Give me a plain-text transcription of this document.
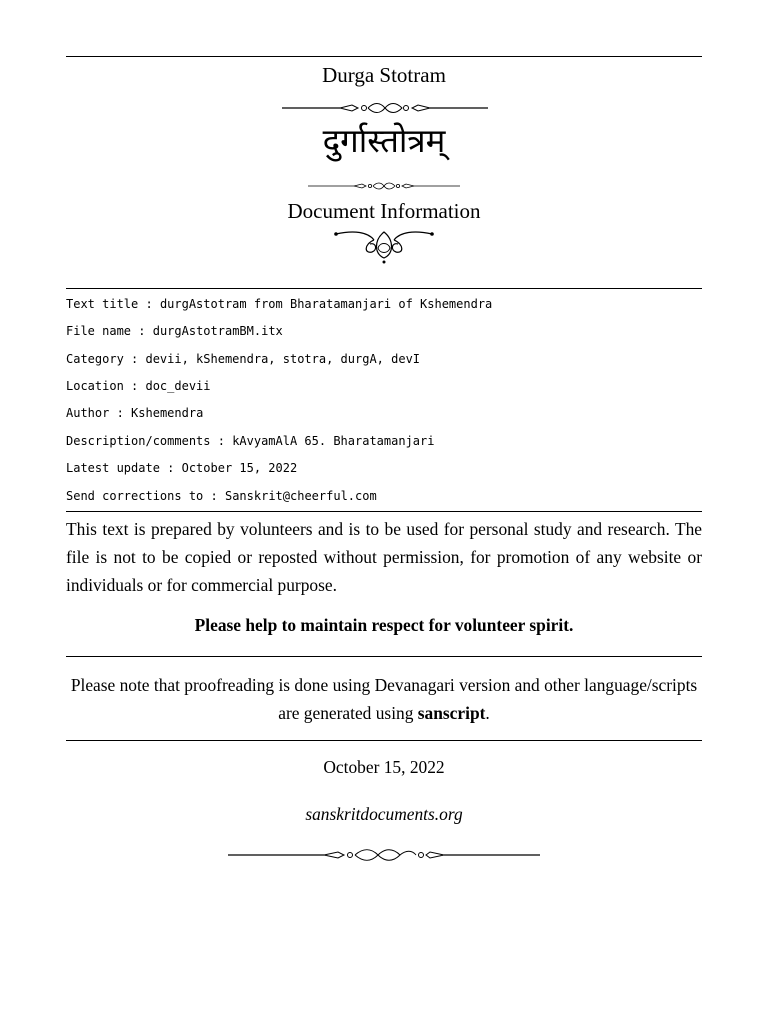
Durga Stotram
दुर्गास्तोत्रम्
Document Information
Text title : durgAstotram from Bharatamanjari of Kshemendra
File name : durgAstotramBM.itx
Category : devii, kShemendra, stotra, durgA, devI
Location : doc_devii
Author : Kshemendra
Description/comments : kAvyamAlA 65. Bharatamanjari
Latest update : October 15, 2022
Send corrections to : Sanskrit@cheerful.com
This text is prepared by volunteers and is to be used for personal study and research. The file is not to be copied or reposted without permission, for promotion of any website or individuals or for commercial purpose.
Please help to maintain respect for volunteer spirit.
Please note that proofreading is done using Devanagari version and other language/scripts are generated using sanscript.
October 15, 2022
sanskritdocuments.org
